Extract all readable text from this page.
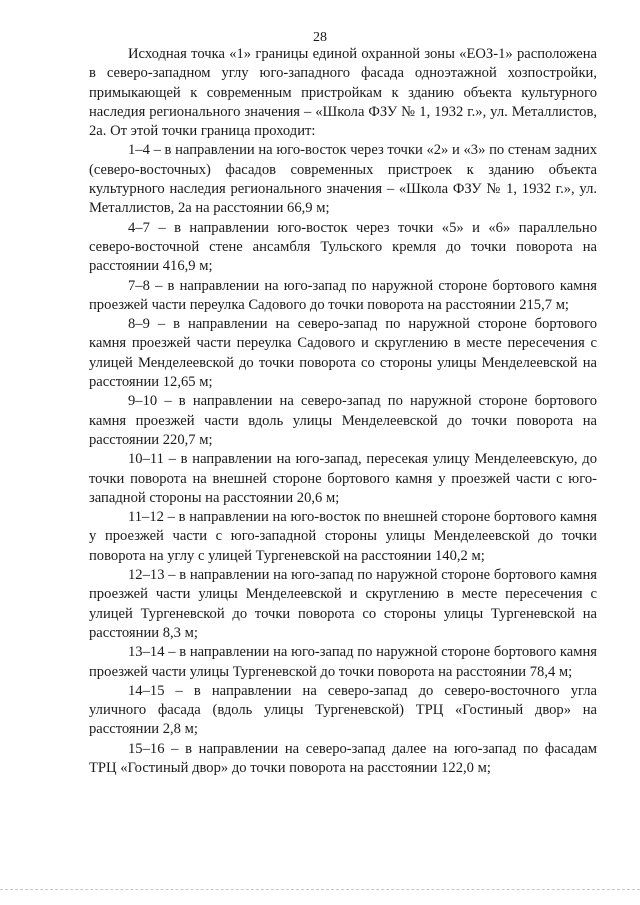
28

Исходная точка «1» границы единой охранной зоны «ЕОЗ-1» расположена в северо-западном углу юго-западного фасада одноэтажной хозпостройки, примыкающей к современным пристройкам к зданию объекта культурного наследия регионального значения – «Школа ФЗУ № 1, 1932 г.», ул. Металлистов, 2а. От этой точки граница проходит:

1–4 – в направлении на юго-восток через точки «2» и «3» по стенам задних (северо-восточных) фасадов современных пристроек к зданию объекта культурного наследия регионального значения – «Школа ФЗУ № 1, 1932 г.», ул. Металлистов, 2а на расстоянии 66,9 м;

4–7 – в направлении юго-восток через точки «5» и «6» параллельно северо-восточной стене ансамбля Тульского кремля до точки поворота на расстоянии 416,9 м;

7–8 – в направлении на юго-запад по наружной стороне бортового камня проезжей части переулка Садового до точки поворота на расстоянии 215,7 м;

8–9 – в направлении на северо-запад по наружной стороне бортового камня проезжей части переулка Садового и скруглению в месте пересечения с улицей Менделеевской до точки поворота со стороны улицы Менделеевской на расстоянии 12,65 м;

9–10 – в направлении на северо-запад по наружной стороне бортового камня проезжей части вдоль улицы Менделеевской до точки поворота на расстоянии 220,7 м;

10–11 – в направлении на юго-запад, пересекая улицу Менделеевскую, до точки поворота на внешней стороне бортового камня у проезжей части с юго-западной стороны на расстоянии 20,6 м;

11–12 – в направлении на юго-восток по внешней стороне бортового камня у проезжей части с юго-западной стороны улицы Менделеевской до точки поворота на углу с улицей Тургеневской на расстоянии 140,2 м;

12–13 – в направлении на юго-запад по наружной стороне бортового камня проезжей части улицы Менделеевской и скруглению в месте пересечения с улицей Тургеневской до точки поворота со стороны улицы Тургеневской на расстоянии 8,3 м;

13–14 – в направлении на юго-запад по наружной стороне бортового камня проезжей части улицы Тургеневской до точки поворота на расстоянии 78,4 м;

14–15 – в направлении на северо-запад до северо-восточного угла уличного фасада (вдоль улицы Тургеневской) ТРЦ «Гостиный двор» на расстоянии 2,8 м;

15–16 – в направлении на северо-запад далее на юго-запад по фасадам ТРЦ «Гостиный двор» до точки поворота на расстоянии 122,0 м;
